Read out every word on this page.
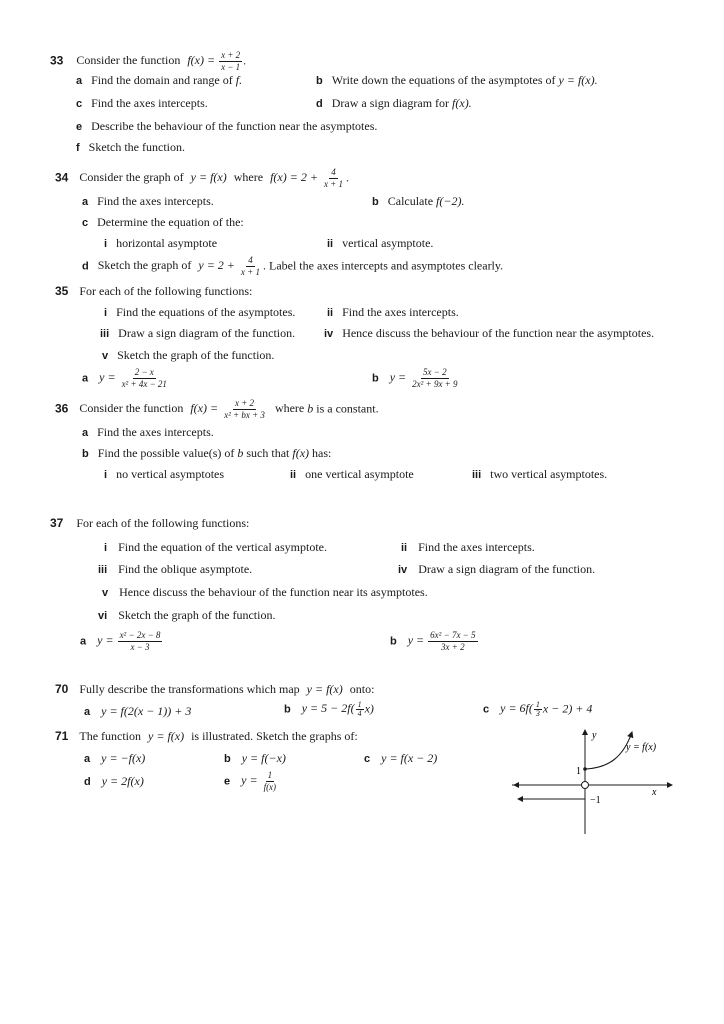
33 Consider the function $f(x) = \frac{x + 2}{x - 1}$ .
a Find the domain and range of f.	b Write down the equations of the asymptotes of y = f(x).
c Find the axes intercepts.	d Draw a sign diagram for f(x).
e Describe the behaviour of the function near the asymptotes.
f Sketch the function.
34 Consider the graph of y = f(x) where $f(x) = 2 + \frac{4}{x + 1}$ .
a Find the axes intercepts.	b Calculate f(−2).
c Determine the equation of the:
i horizontal asymptote	ii vertical asymptote.
d Sketch the graph of $y = 2 + \frac{4}{x + 1}$ . Label the axes intercepts and asymptotes clearly.
35 For each of the following functions:
i Find the equations of the asymptotes.	ii Find the axes intercepts.
iii Draw a sign diagram of the function.	iv Hence discuss the behaviour of the function near the asymptotes.
v Sketch the graph of the function.
a $y = \frac{2 - x}{\text{x² + 4x − 21}}$	b $y = \frac{5x - 2}{\text{2x² + 9x + 9}}$
36 Consider the function $f(x) = \frac{x + 2}{\text{x² + bx + 3}}$ where b is a constant.
a Find the axes intercepts.
b Find the possible value(s) of b such that f(x) has:
i no vertical asymptotes	ii one vertical asymptote	iii two vertical asymptotes.
37 For each of the following functions:
i Find the equation of the vertical asymptote.	ii Find the axes intercepts.
iii Find the oblique asymptote.	iv Draw a sign diagram of the function.
v Hence discuss the behaviour of the function near its asymptotes.
vi Sketch the graph of the function.
a $y = \frac{\text{x² − 2x − 8}}{x - 3}$	b $y = \frac{\text{6x² − 7x − 5}}{3x + 2}$
70 Fully describe the transformations which map y = f(x) onto:
a y = f(2(x − 1)) + 3	b $y = 5 - 2f( \frac{1}{4} x)$	c $y = 6f( \frac{1}{3}$ x − 2) + 4
71 The function y = f(x) is illustrated. Sketch the graphs of:
a y = −f(x)	b y = f(−x)	c y = f(x − 2)
d y = 2f(x)	e $y = \frac{1}{f(x)}$
y
x
y = f(x)
1
−1
